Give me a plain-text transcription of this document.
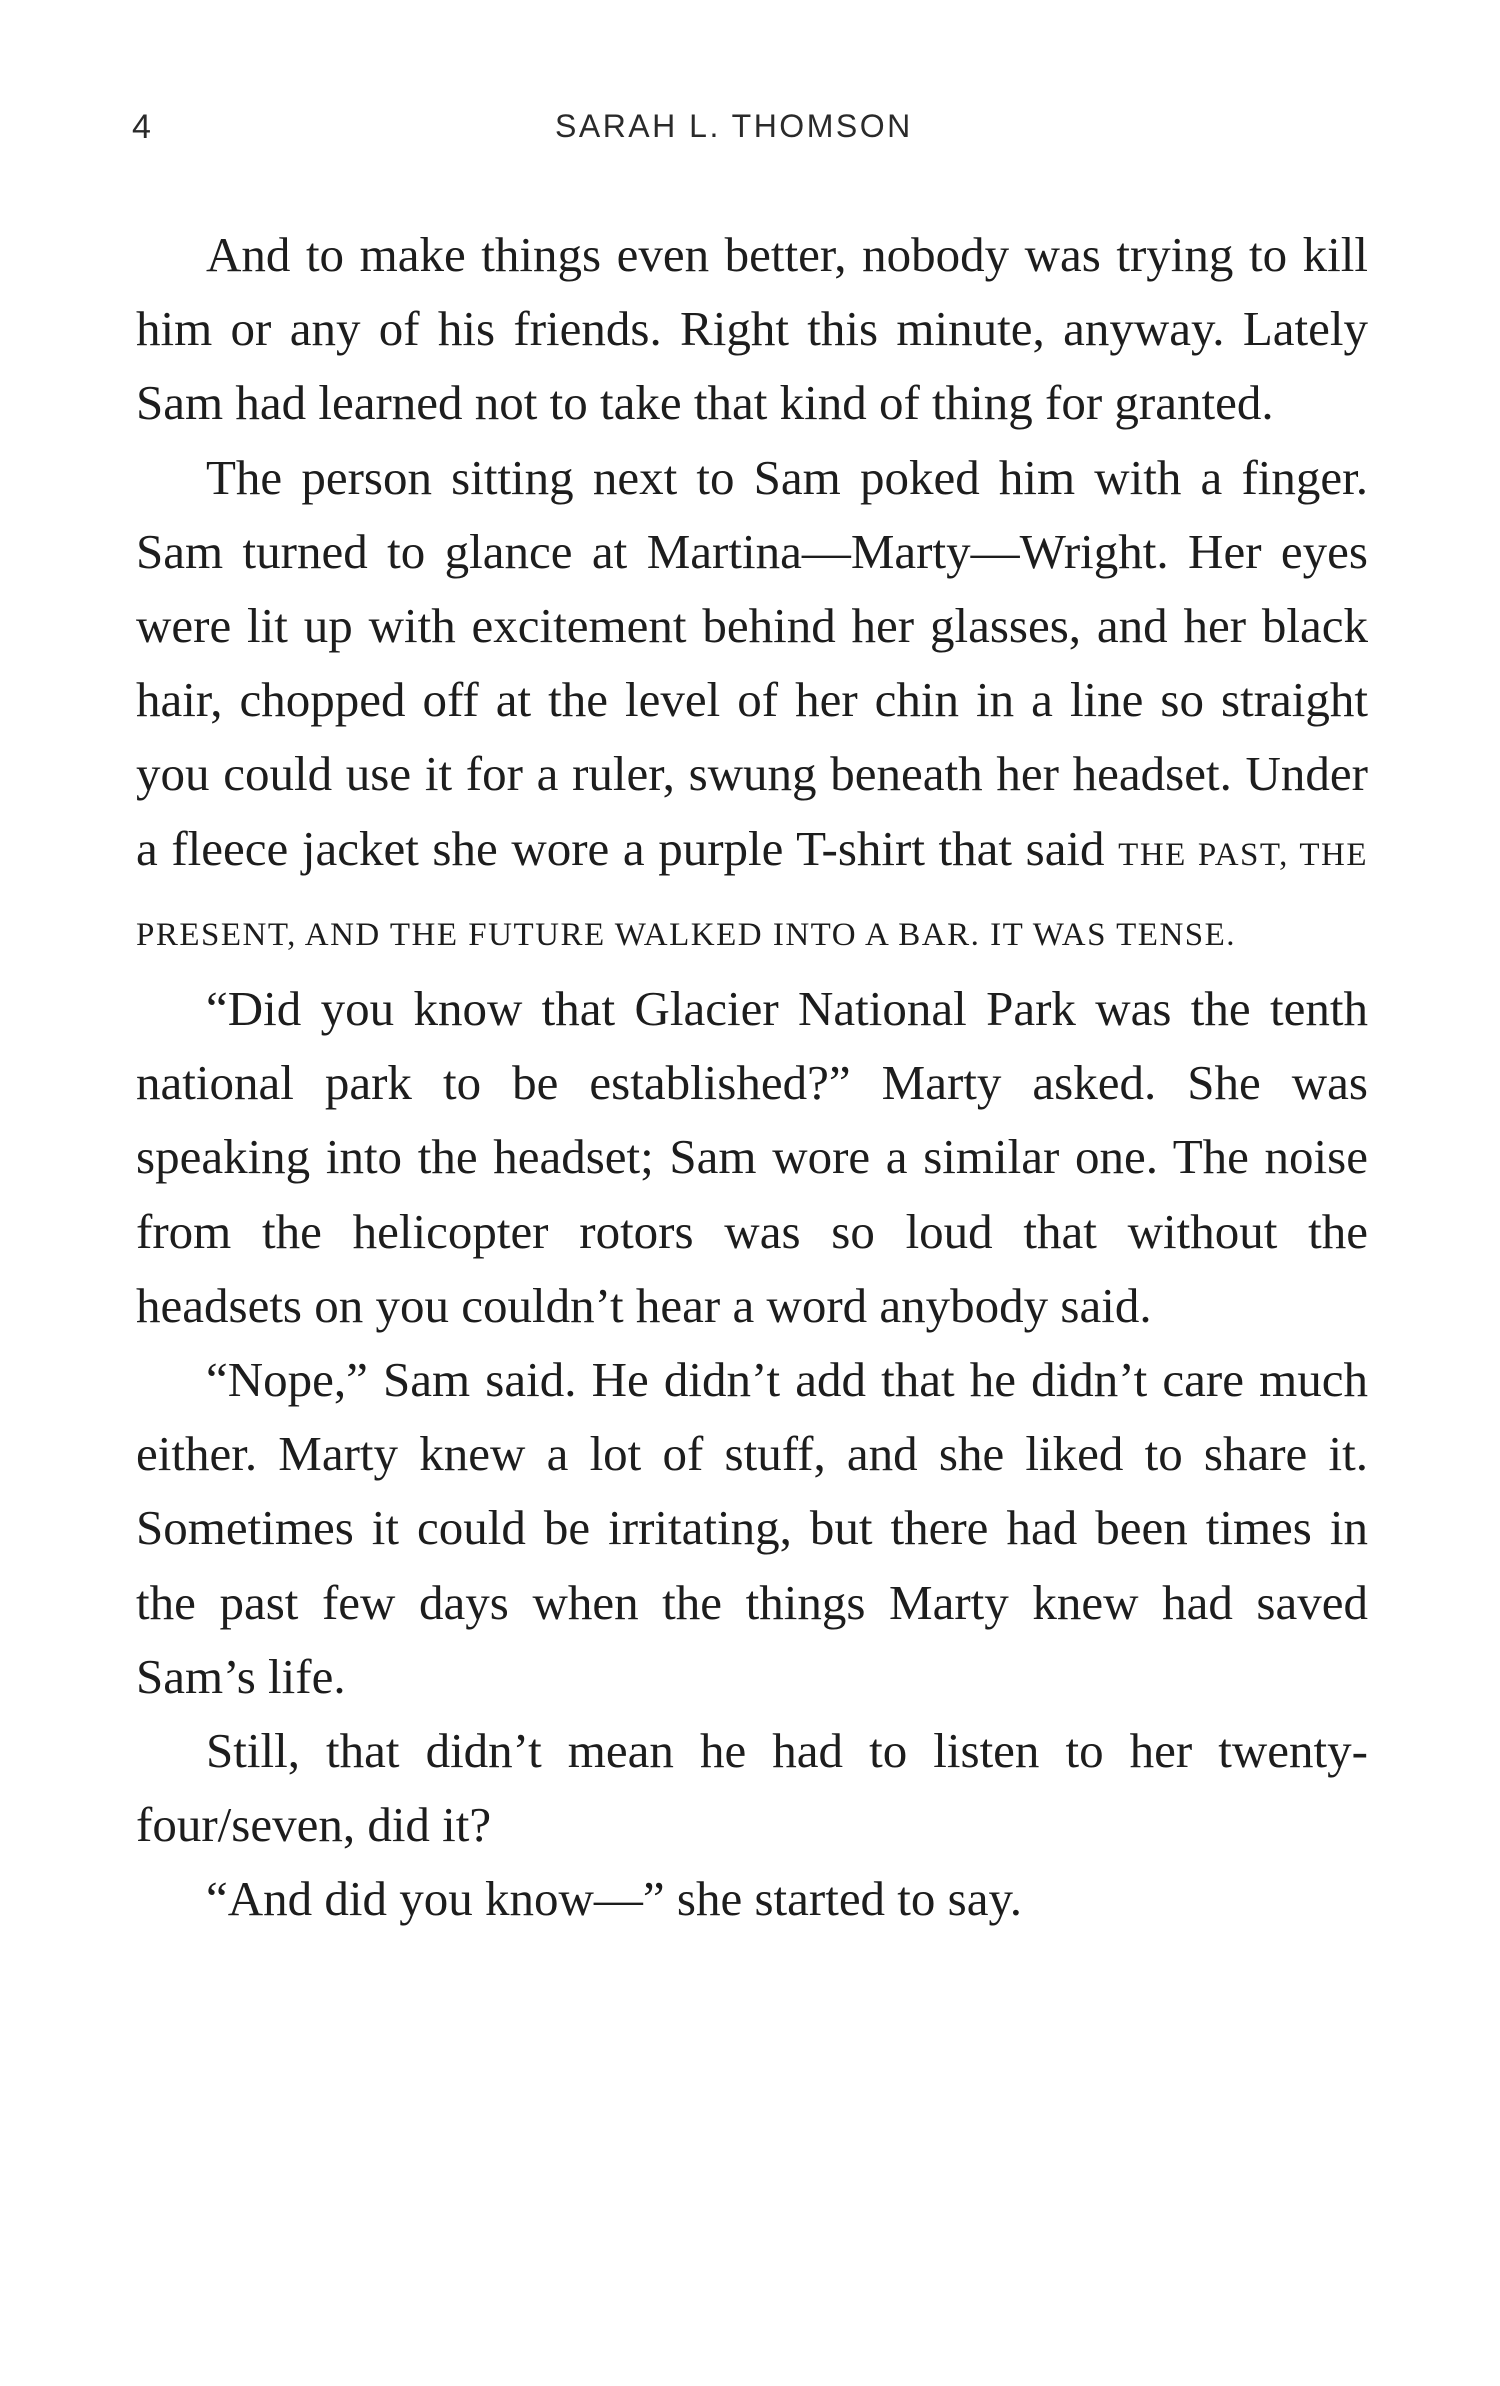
4	SARAH L. THOMSON

And to make things even better, nobody was trying to kill him or any of his friends. Right this minute, anyway. Lately Sam had learned not to take that kind of thing for granted.

The person sitting next to Sam poked him with a finger. Sam turned to glance at Martina—Marty—Wright. Her eyes were lit up with excitement behind her glasses, and her black hair, chopped off at the level of her chin in a line so straight you could use it for a ruler, swung beneath her headset. Under a fleece jacket she wore a purple T-shirt that said THE PAST, THE PRESENT, AND THE FUTURE WALKED INTO A BAR. IT WAS TENSE.

“Did you know that Glacier National Park was the tenth national park to be established?” Marty asked. She was speaking into the headset; Sam wore a similar one. The noise from the helicopter rotors was so loud that without the headsets on you couldn’t hear a word anybody said.

“Nope,” Sam said. He didn’t add that he didn’t care much either. Marty knew a lot of stuff, and she liked to share it. Sometimes it could be irritating, but there had been times in the past few days when the things Marty knew had saved Sam’s life.

Still, that didn’t mean he had to listen to her twenty-four/seven, did it?

“And did you know—” she started to say.
